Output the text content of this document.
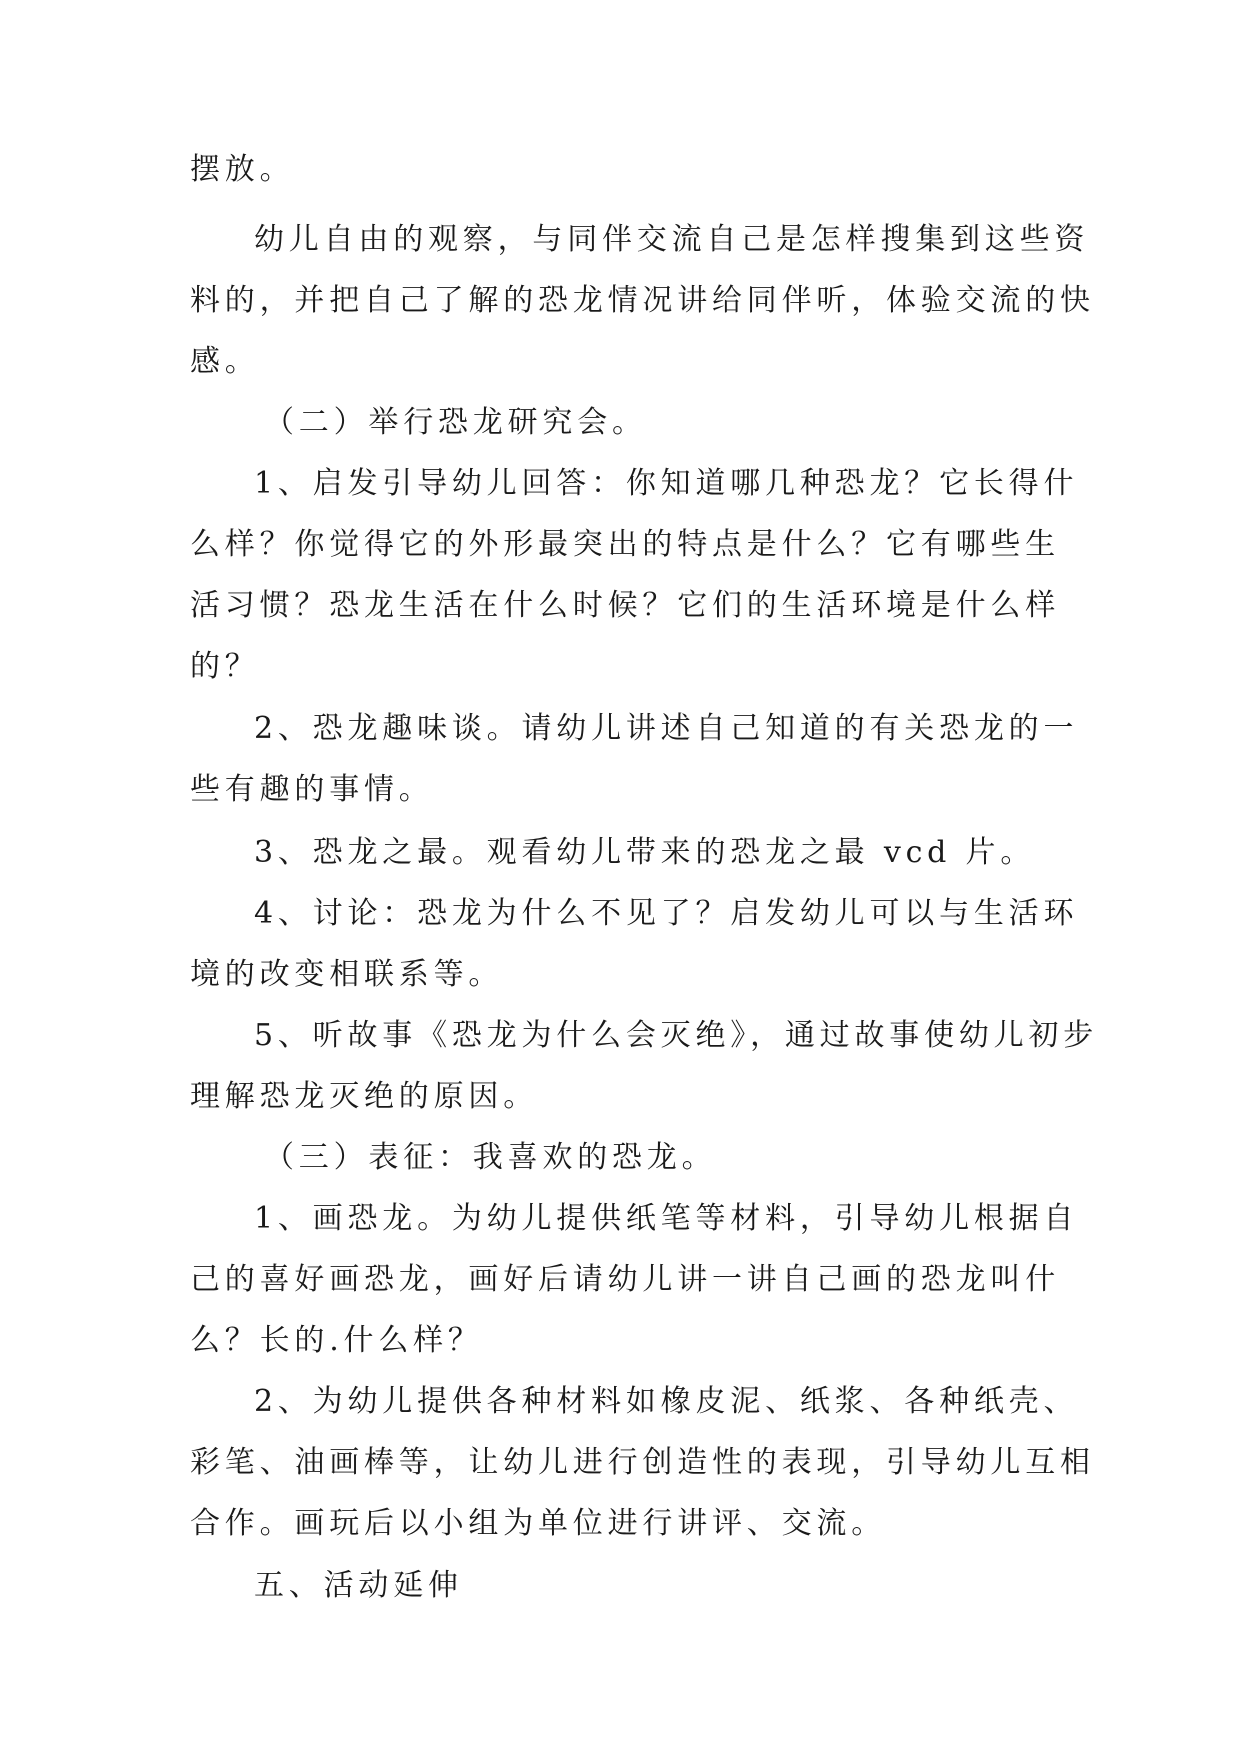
摆放。
幼儿自由的观察，与同伴交流自己是怎样搜集到这些资
料的，并把自己了解的恐龙情况讲给同伴听，体验交流的快
感。
（二）举行恐龙研究会。
1、启发引导幼儿回答：你知道哪几种恐龙？它长得什
么样？你觉得它的外形最突出的特点是什么？它有哪些生
活习惯？恐龙生活在什么时候？它们的生活环境是什么样
的？
2、恐龙趣味谈。请幼儿讲述自己知道的有关恐龙的一
些有趣的事情。
3、恐龙之最。观看幼儿带来的恐龙之最 vcd 片。
4、讨论：恐龙为什么不见了？启发幼儿可以与生活环
境的改变相联系等。
5、听故事《恐龙为什么会灭绝》，通过故事使幼儿初步
理解恐龙灭绝的原因。
（三）表征：我喜欢的恐龙。
1、画恐龙。为幼儿提供纸笔等材料，引导幼儿根据自
己的喜好画恐龙，画好后请幼儿讲一讲自己画的恐龙叫什
么？长的.什么样？
2、为幼儿提供各种材料如橡皮泥、纸浆、各种纸壳、
彩笔、油画棒等，让幼儿进行创造性的表现，引导幼儿互相
合作。画玩后以小组为单位进行讲评、交流。
五、活动延伸
